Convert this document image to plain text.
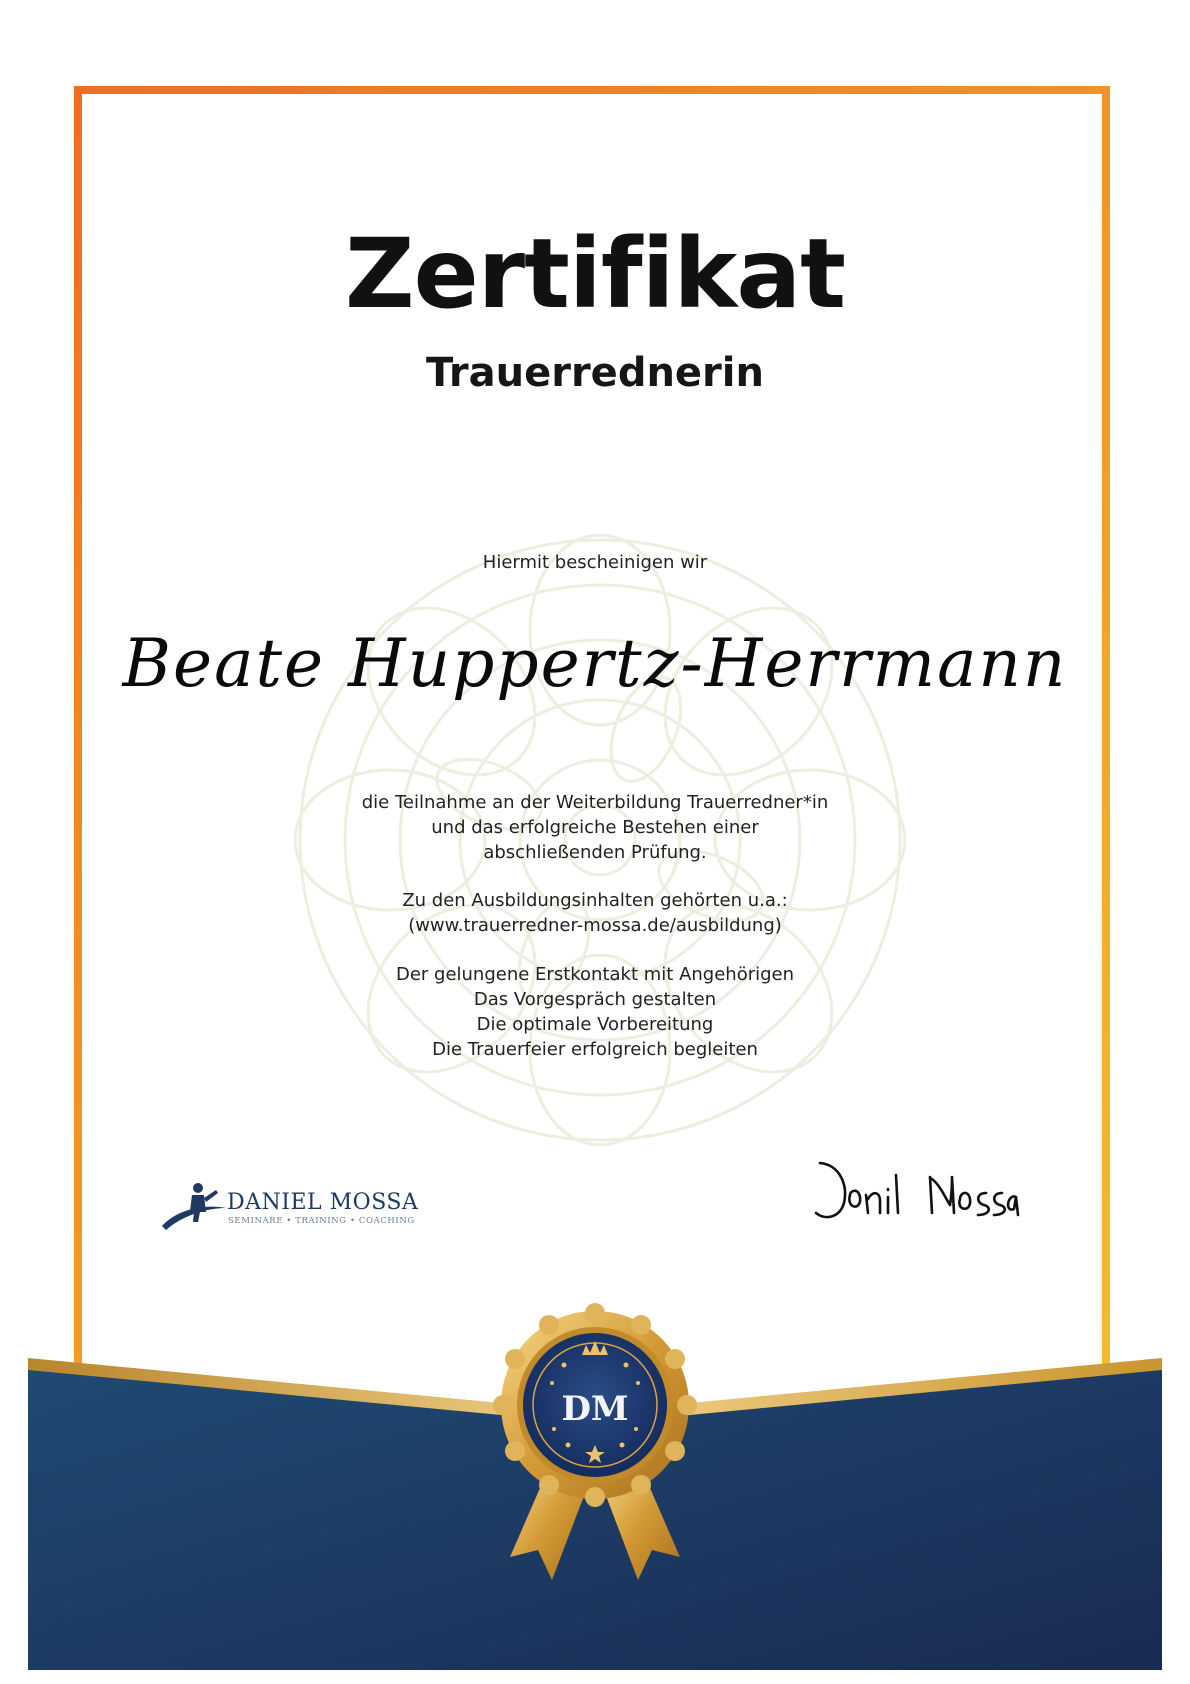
Zertifikat
Trauerrednerin
Hiermit bescheinigen wir
Beate Huppertz-Herrmann
die Teilnahme an der Weiterbildung Trauerredner*in
und das erfolgreiche Bestehen einer
abschließenden Prüfung.
Zu den Ausbildungsinhalten gehörten u.a.:
(www.trauerredner-mossa.de/ausbildung)
Der gelungene Erstkontakt mit Angehörigen
Das Vorgespräch gestalten
Die optimale Vorbereitung
Die Trauerfeier erfolgreich begleiten
DANIEL MOSSA
SEMINARE • TRAINING • COACHING
DM
